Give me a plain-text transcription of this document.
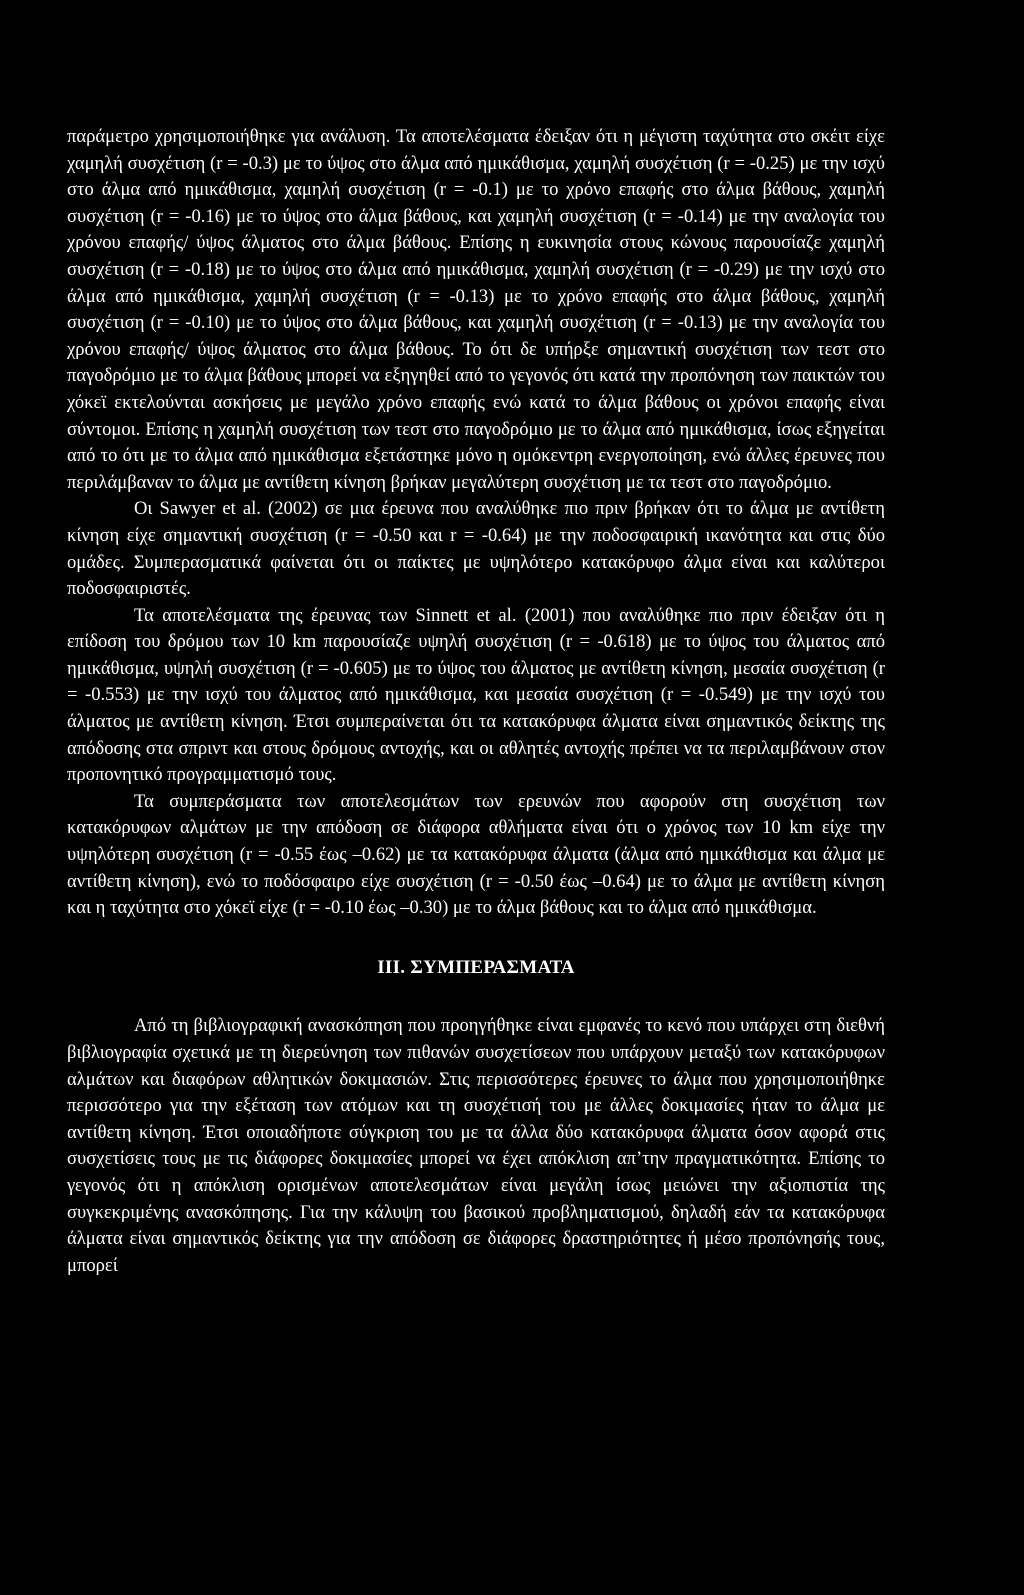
παράμετρο χρησιμοποιήθηκε για ανάλυση. Τα αποτελέσματα έδειξαν ότι η μέγιστη ταχύτητα στο σκέιτ είχε χαμηλή συσχέτιση (r = -0.3) με το ύψος στο άλμα από ημικάθισμα, χαμηλή συσχέτιση (r = -0.25) με την ισχύ στο άλμα από ημικάθισμα, χαμηλή συσχέτιση (r = -0.1) με το χρόνο επαφής στο άλμα βάθους, χαμηλή συσχέτιση (r = -0.16) με το ύψος στο άλμα βάθους, και χαμηλή συσχέτιση (r = -0.14) με την αναλογία του χρόνου επαφής/ ύψος άλματος στο άλμα βάθους. Επίσης η ευκινησία στους κώνους παρουσίαζε χαμηλή συσχέτιση (r = -0.18) με το ύψος στο άλμα από ημικάθισμα, χαμηλή συσχέτιση (r = -0.29) με την ισχύ στο άλμα από ημικάθισμα, χαμηλή συσχέτιση (r = -0.13) με το χρόνο επαφής στο άλμα βάθους, χαμηλή συσχέτιση (r = -0.10) με το ύψος στο άλμα βάθους, και χαμηλή συσχέτιση (r = -0.13) με την αναλογία του χρόνου επαφής/ ύψος άλματος στο άλμα βάθους. Το ότι δε υπήρξε σημαντική συσχέτιση των τεστ στο παγοδρόμιο με το άλμα βάθους μπορεί να εξηγηθεί από το γεγονός ότι κατά την προπόνηση των παικτών του χόκεϊ εκτελούνται ασκήσεις με μεγάλο χρόνο επαφής ενώ κατά το άλμα βάθους οι χρόνοι επαφής είναι σύντομοι. Επίσης η χαμηλή συσχέτιση των τεστ στο παγοδρόμιο με το άλμα από ημικάθισμα, ίσως εξηγείται από το ότι με το άλμα από ημικάθισμα εξετάστηκε μόνο η ομόκεντρη ενεργοποίηση, ενώ άλλες έρευνες που περιλάμβαναν το άλμα με αντίθετη κίνηση βρήκαν μεγαλύτερη συσχέτιση με τα τεστ στο παγοδρόμιο.

Οι Sawyer et al. (2002) σε μια έρευνα που αναλύθηκε πιο πριν βρήκαν ότι το άλμα με αντίθετη κίνηση είχε σημαντική συσχέτιση (r = -0.50 και r = -0.64) με την ποδοσφαιρική ικανότητα και στις δύο ομάδες. Συμπερασματικά φαίνεται ότι οι παίκτες με υψηλότερο κατακόρυφο άλμα είναι και καλύτεροι ποδοσφαιριστές.

Τα αποτελέσματα της έρευνας των Sinnett et al. (2001) που αναλύθηκε πιο πριν έδειξαν ότι η επίδοση του δρόμου των 10 km παρουσίαζε υψηλή συσχέτιση (r = -0.618) με το ύψος του άλματος από ημικάθισμα, υψηλή συσχέτιση (r = -0.605) με το ύψος του άλματος με αντίθετη κίνηση, μεσαία συσχέτιση (r = -0.553) με την ισχύ του άλματος από ημικάθισμα, και μεσαία συσχέτιση (r = -0.549) με την ισχύ του άλματος με αντίθετη κίνηση. Έτσι συμπεραίνεται ότι τα κατακόρυφα άλματα είναι σημαντικός δείκτης της απόδοσης στα σπριντ και στους δρόμους αντοχής, και οι αθλητές αντοχής πρέπει να τα περιλαμβάνουν στον προπονητικό προγραμματισμό τους.

Τα συμπεράσματα των αποτελεσμάτων των ερευνών που αφορούν στη συσχέτιση των κατακόρυφων αλμάτων με την απόδοση σε διάφορα αθλήματα είναι ότι ο χρόνος των 10 km είχε την υψηλότερη συσχέτιση (r = -0.55 έως –0.62) με τα κατακόρυφα άλματα (άλμα από ημικάθισμα και άλμα με αντίθετη κίνηση), ενώ το ποδόσφαιρο είχε συσχέτιση (r = -0.50 έως –0.64) με το άλμα με αντίθετη κίνηση και η ταχύτητα στο χόκεϊ είχε (r = -0.10 έως –0.30) με το άλμα βάθους και το άλμα από ημικάθισμα.

III. ΣΥΜΠΕΡΑΣΜΑΤΑ

Από τη βιβλιογραφική ανασκόπηση που προηγήθηκε είναι εμφανές το κενό που υπάρχει στη διεθνή βιβλιογραφία σχετικά με τη διερεύνηση των πιθανών συσχετίσεων που υπάρχουν μεταξύ των κατακόρυφων αλμάτων και διαφόρων αθλητικών δοκιμασιών. Στις περισσότερες έρευνες το άλμα που χρησιμοποιήθηκε περισσότερο για την εξέταση των ατόμων και τη συσχέτισή του με άλλες δοκιμασίες ήταν το άλμα με αντίθετη κίνηση. Έτσι οποιαδήποτε σύγκριση του με τα άλλα δύο κατακόρυφα άλματα όσον αφορά στις συσχετίσεις τους με τις διάφορες δοκιμασίες μπορεί να έχει απόκλιση απ’την πραγματικότητα. Επίσης το γεγονός ότι η απόκλιση ορισμένων αποτελεσμάτων είναι μεγάλη ίσως μειώνει την αξιοπιστία της συγκεκριμένης ανασκόπησης. Για την κάλυψη του βασικού προβληματισμού, δηλαδή εάν τα κατακόρυφα άλματα είναι σημαντικός δείκτης για την απόδοση σε διάφορες δραστηριότητες ή μέσο προπόνησής τους, μπορεί
